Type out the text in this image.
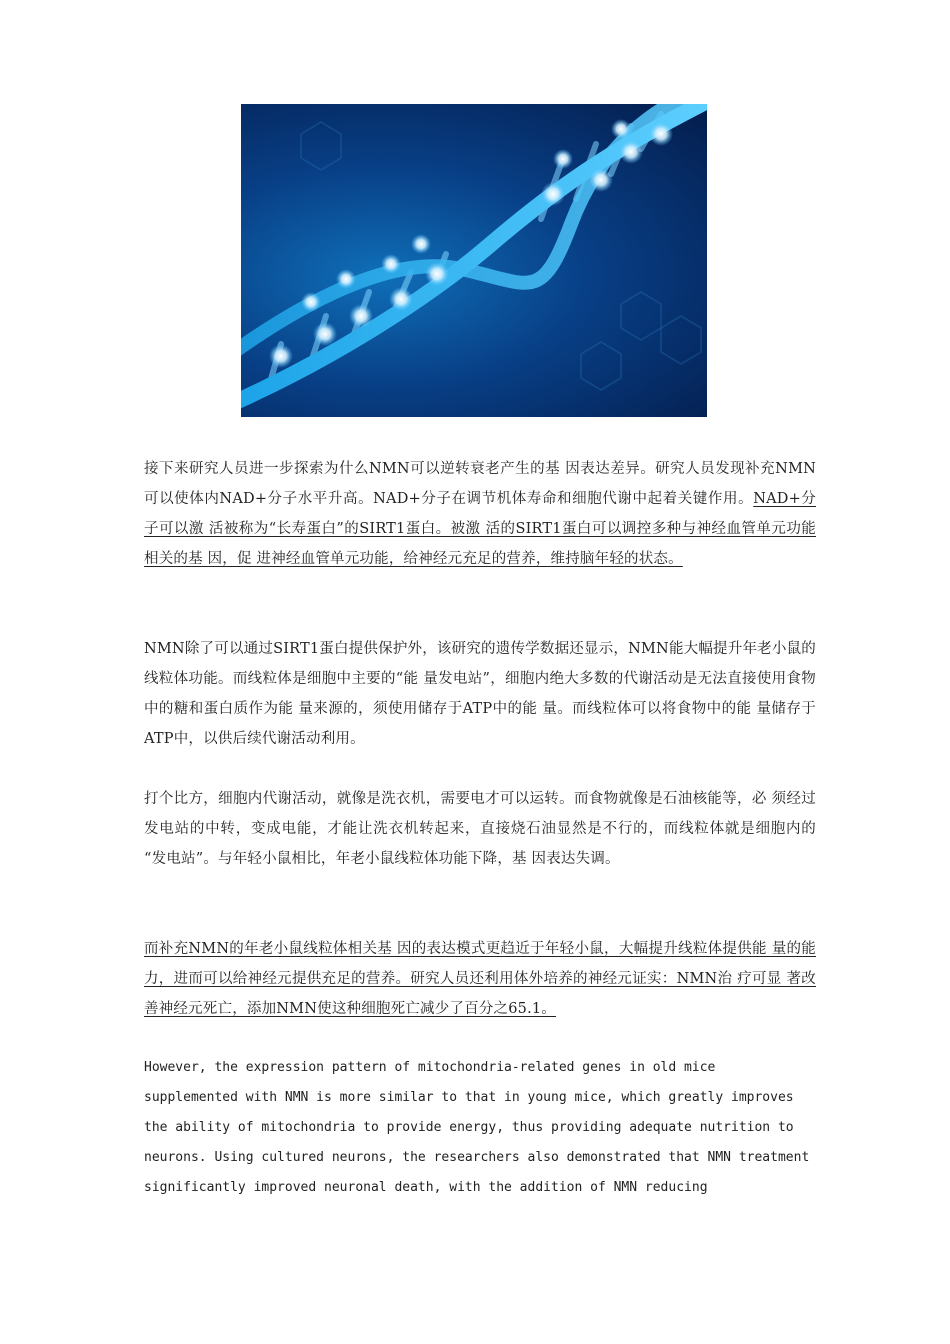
接下来研究人员进一步探索为什么NMN可以逆转衰老产生的基 因表达差异。研究人员发现补充NMN可以使体内NAD+分子水平升高。NAD+分子在调节机体寿命和细胞代谢中起着关键作用。NAD+分子可以激 活被称为“长寿蛋白”的SIRT1蛋白。被激 活的SIRT1蛋白可以调控多种与神经血管单元功能相关的基 因，促 进神经血管单元功能，给神经元充足的营养，维持脑年轻的状态。

NMN除了可以通过SIRT1蛋白提供保护外，该研究的遗传学数据还显示，NMN能大幅提升年老小鼠的线粒体功能。而线粒体是细胞中主要的“能 量发电站”，细胞内绝大多数的代谢活动是无法直接使用食物中的糖和蛋白质作为能 量来源的，须使用储存于ATP中的能 量。而线粒体可以将食物中的能 量储存于ATP中，以供后续代谢活动利用。

打个比方，细胞内代谢活动，就像是洗衣机，需要电才可以运转。而食物就像是石油核能等，必 须经过发电站的中转，变成电能，才能让洗衣机转起来，直接烧石油显然是不行的，而线粒体就是细胞内的 “发电站”。与年轻小鼠相比，年老小鼠线粒体功能下降，基 因表达失调。

而补充NMN的年老小鼠线粒体相关基 因的表达模式更趋近于年轻小鼠，大幅提升线粒体提供能 量的能力，进而可以给神经元提供充足的营养。研究人员还利用体外培养的神经元证实：NMN治 疗可显 著改 善神经元死亡，添加NMN使这种细胞死亡减少了百分之65.1。

However, the expression pattern of mitochondria-related genes in old mice supplemented with NMN is more similar to that in young mice, which greatly improves the ability of mitochondria to provide energy, thus providing adequate nutrition to neurons. Using cultured neurons, the researchers also demonstrated that NMN treatment significantly improved neuronal death, with the addition of NMN reducing
